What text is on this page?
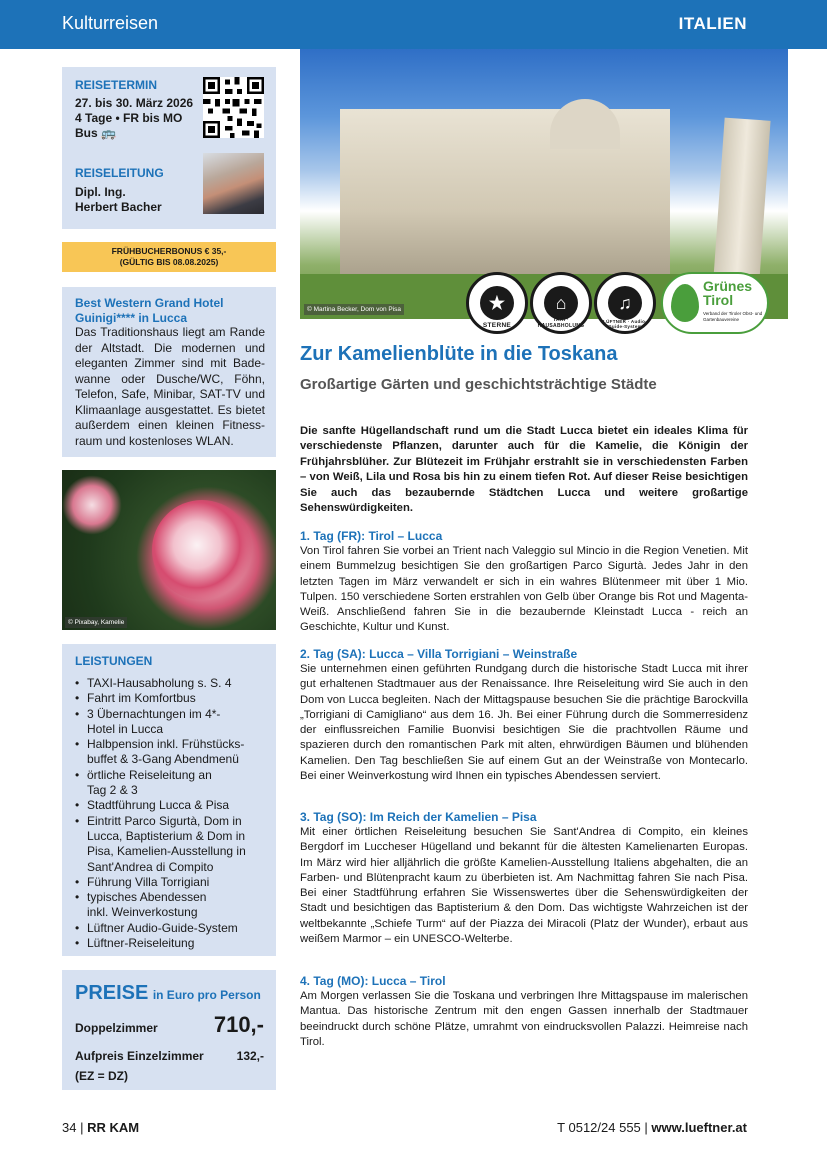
Kulturreisen	ITALIEN
REISETERMIN
27. bis 30. März 2026
4 Tage • FR bis MO
Bus 🚌
REISELEITUNG
Dipl. Ing.
Herbert Bacher
FRÜHBUCHERBONUS € 35,-
(GÜLTIG BIS 08.08.2025)
Best Western Grand Hotel Guinigi**** in Lucca
Das Traditionshaus liegt am Rande der Altstadt. Die modernen und eleganten Zimmer sind mit Badewanne oder Dusche/WC, Föhn, Telefon, Safe, Minibar, SAT-TV und Klimaanlage ausgestattet. Es bietet außerdem einen kleinen Fitnessraum und kostenloses WLAN.
© Pixabay, Kamelie
LEISTUNGEN
• TAXI-Hausabholung s. S. 4
• Fahrt im Komfortbus
• 3 Übernachtungen im 4*-Hotel in Lucca
• Halbpension inkl. Frühstücksbuffet & 3-Gang Abendmenü
• örtliche Reiseleitung an Tag 2 & 3
• Stadtführung Lucca & Pisa
• Eintritt Parco Sigurtà, Dom in Lucca, Baptisterium & Dom in Pisa, Kamelien-Ausstellung in Sant'Andrea di Compito
• Führung Villa Torrigiani
• typisches Abendessen inkl. Weinverkostung
• Lüftner Audio-Guide-System
• Lüftner-Reiseleitung
PREISE in Euro pro Person
Doppelzimmer	710,-
Aufpreis Einzelzimmer (EZ = DZ)
132,-
© Martina Becker, Dom von Pisa	★
STERNE
⌂
TAXI · HAUSABHOLUNG
♫
LÜFTNER · Audio-Guide-System
Grünes Tirol
Verband der Tiroler Obst- und Gartenbauvereine
Zur Kamelienblüte in die Toskana
Großartige Gärten und geschichtsträchtige Städte
Die sanfte Hügellandschaft rund um die Stadt Lucca bietet ein ideales Klima für verschiedenste Pflanzen, darunter auch für die Kamelie, die Königin der Frühjahrsblüher. Zur Blütezeit im Frühjahr erstrahlt sie in verschiedensten Farben – von Weiß, Lila und Rosa bis hin zu einem tiefen Rot. Auf dieser Reise besichtigen Sie auch das bezaubernde Städtchen Lucca und weitere großartige Sehenswürdigkeiten.
1. Tag (FR): Tirol – Lucca

Von Tirol fahren Sie vorbei an Trient nach Valeggio sul Mincio in die Region Venetien. Mit einem Bummelzug besichtigen Sie den großartigen Parco Sigurtà. Jedes Jahr in den letzten Tagen im März verwandelt er sich in ein wahres Blütenmeer mit über 1 Mio. Tulpen. 150 verschiedene Sorten erstrahlen von Gelb über Orange bis Rot und Magenta-Weiß. Anschließend fahren Sie in die bezaubernde Kleinstadt Lucca - reich an Geschichte, Kultur und Kunst.

2. Tag (SA): Lucca – Villa Torrigiani – Weinstraße

Sie unternehmen einen geführten Rundgang durch die historische Stadt Lucca mit ihrer gut erhaltenen Stadtmauer aus der Renaissance. Ihre Reiseleitung wird Sie auch in den Dom von Lucca begleiten. Nach der Mittagspause besuchen Sie die prächtige Barockvilla „Torrigiani di Camigliano“ aus dem 16. Jh. Bei einer Führung durch die Sommerresidenz der einflussreichen Familie Buonvisi besichtigen Sie die prachtvollen Räume und spazieren durch den romantischen Park mit alten, ehrwürdigen Bäumen und blühenden Kamelien. Den Tag beschließen Sie auf einem Gut an der Weinstraße von Montecarlo. Bei einer Weinverkostung wird Ihnen ein typisches Abendessen serviert.

3. Tag (SO): Im Reich der Kamelien – Pisa

Mit einer örtlichen Reiseleitung besuchen Sie Sant'Andrea di Compito, ein kleines Bergdorf im Luccheser Hügelland und bekannt für die ältesten Kamelienarten Europas. Im März wird hier alljährlich die größte Kamelien-Ausstellung Italiens abgehalten, die an Farben- und Blütenpracht kaum zu überbieten ist. Am Nachmittag fahren Sie nach Pisa. Bei einer Stadtführung erfahren Sie Wissenswertes über die Sehenswürdigkeiten der Stadt und besichtigen das Baptisterium & den Dom. Das wichtigste Wahrzeichen ist der weltbekannte „Schiefe Turm“ auf der Piazza dei Miracoli (Platz der Wunder), erbaut aus weißem Marmor – ein UNESCO-Welterbe.

4. Tag (MO): Lucca – Tirol

Am Morgen verlassen Sie die Toskana und verbringen Ihre Mittagspause im malerischen Mantua. Das historische Zentrum mit den engen Gassen innerhalb der Stadtmauer beeindruckt durch schöne Plätze, umrahmt von eindrucksvollen Palazzi. Heimreise nach Tirol.

34 | RR KAM	T 0512/24 555 | www.lueftner.at
